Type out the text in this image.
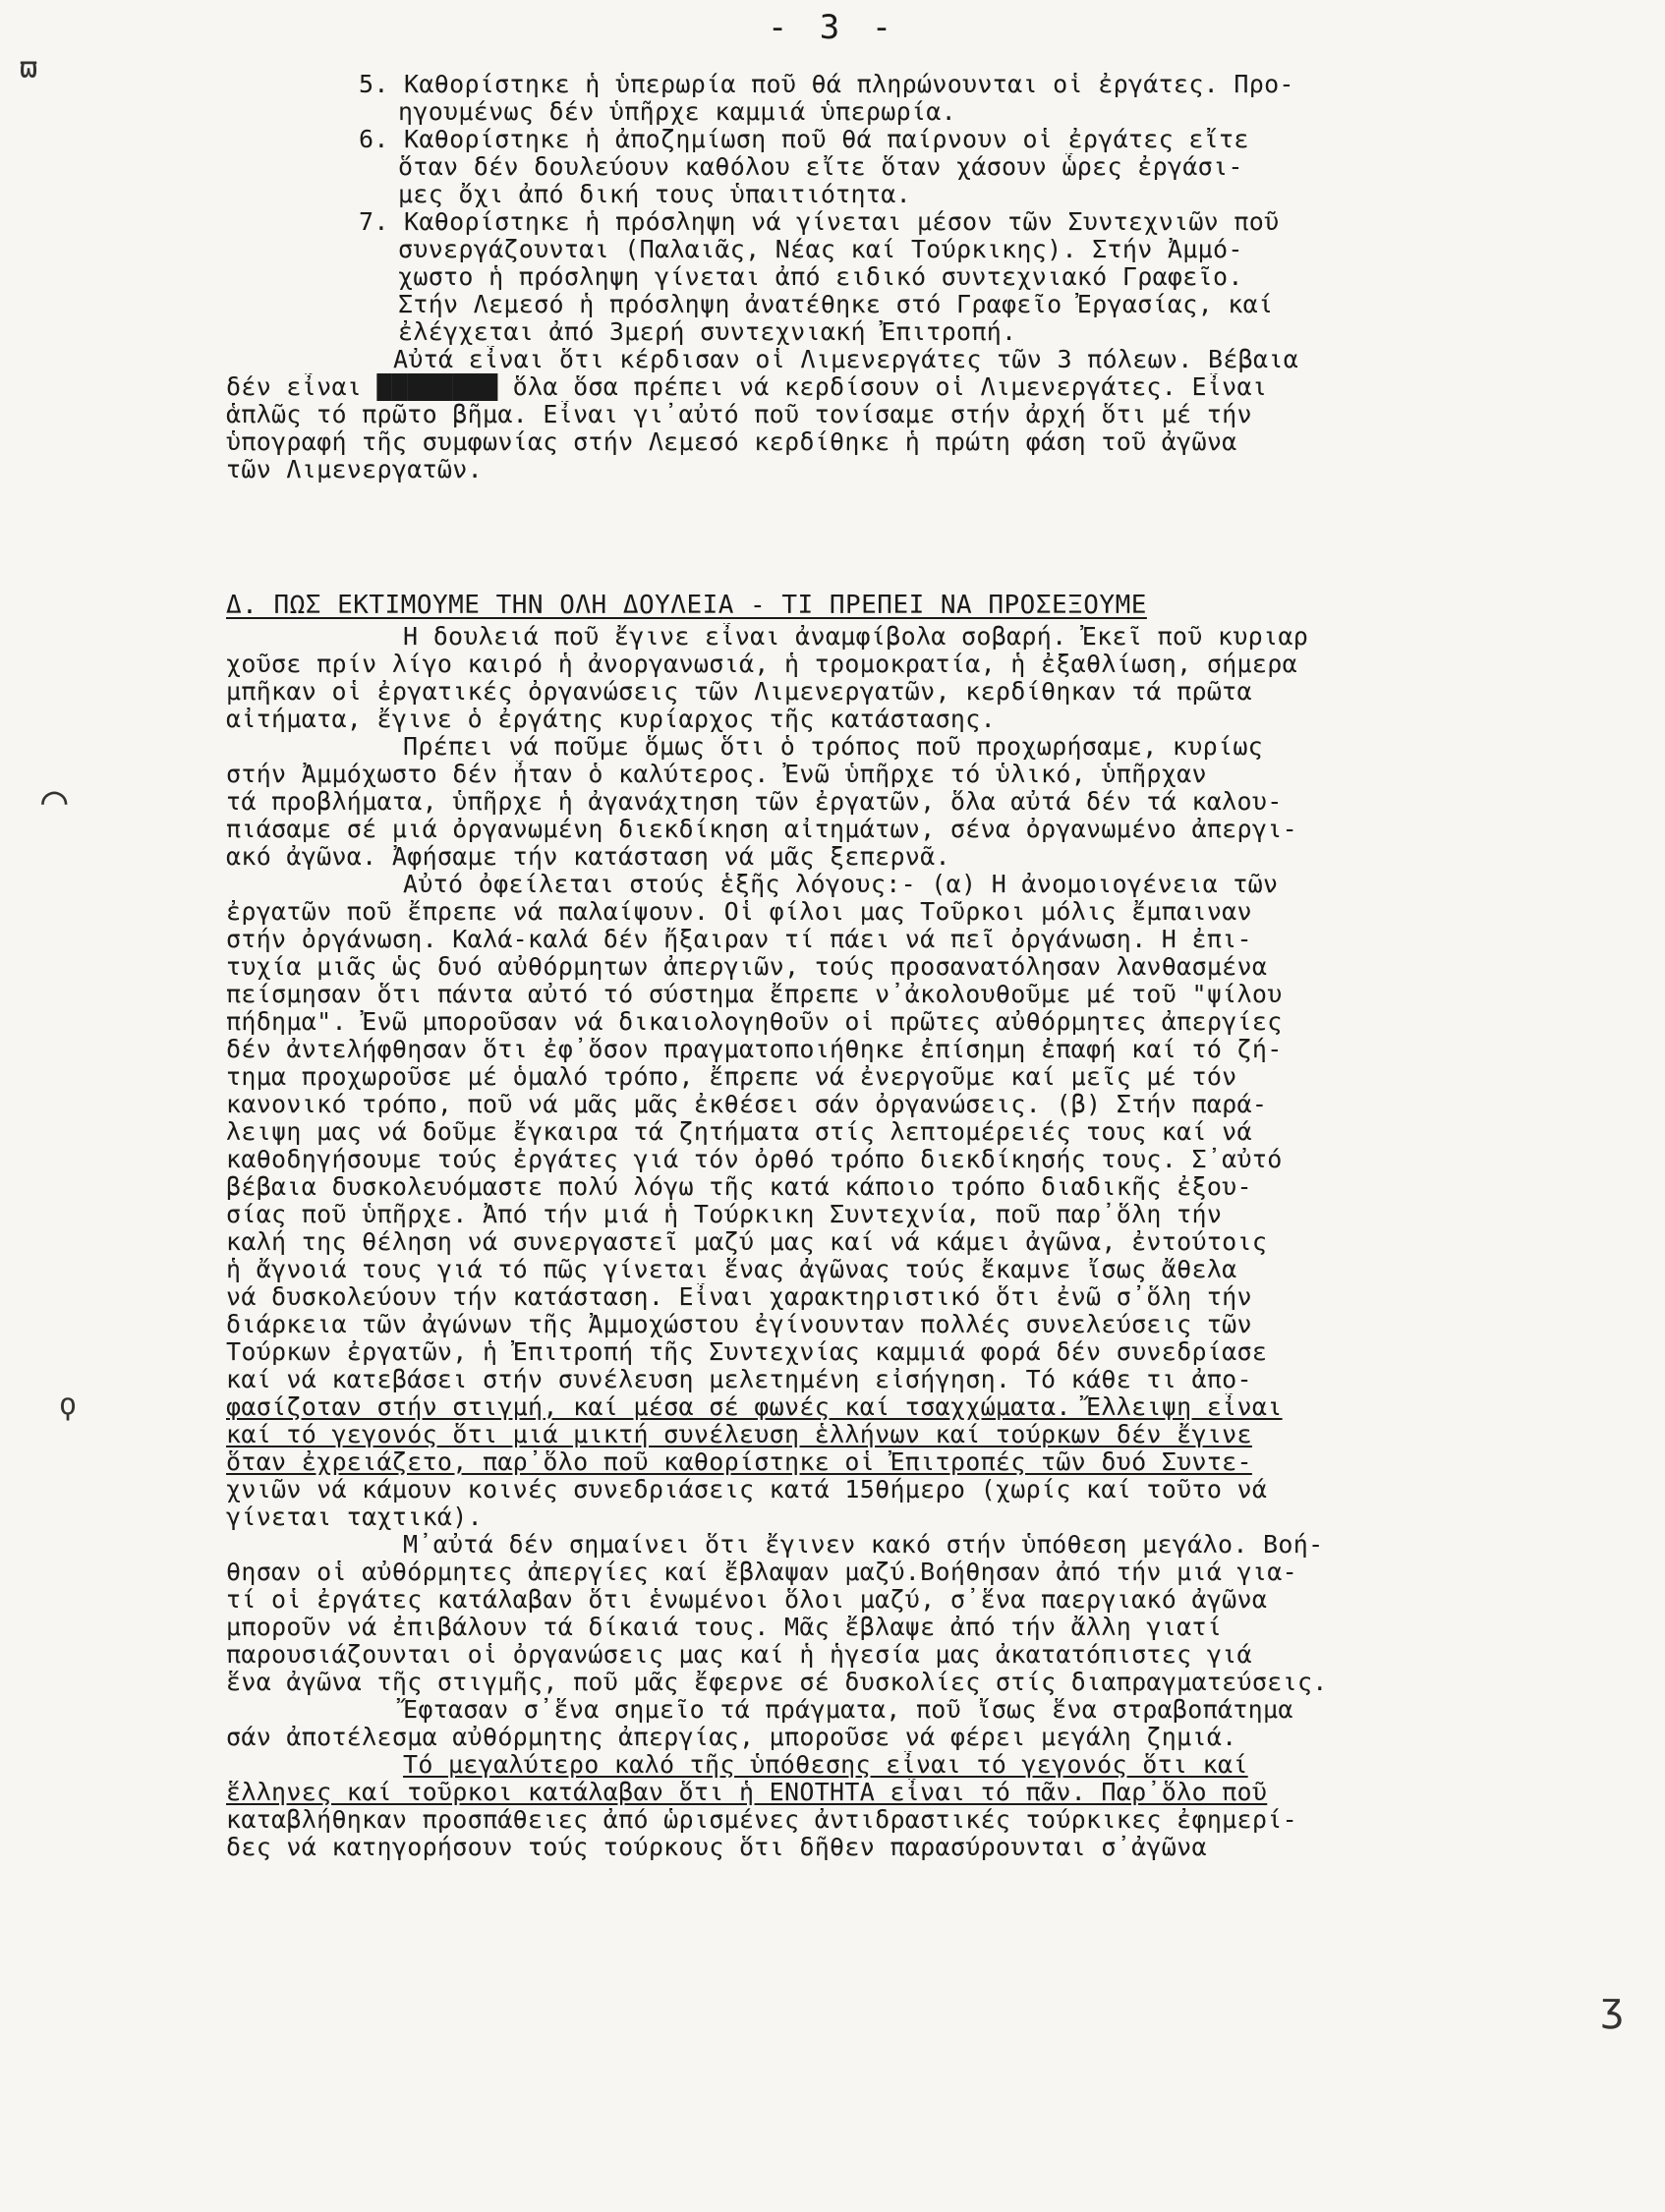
- 3 -
ϖ
⌒
ϙ
ʒ
5. Καθορίστηκε ἡ ὑπερωρία ποῦ θά πληρώνουνται οἱ ἐργάτες. Προ-
ηγουμένως δέν ὑπῆρχε καμμιά ὑπερωρία.
6. Καθορίστηκε ἡ ἀποζημίωση ποῦ θά παίρνουν οἱ ἐργάτες εἴτε
ὅταν δέν δουλεύουν καθόλου εἴτε ὅταν χάσουν ὧρες ἐργάσι-
μες ὄχι ἀπό δική τους ὑπαιτιότητα.
7. Καθορίστηκε ἡ πρόσληψη νά γίνεται μέσον τῶν Συντεχνιῶν ποῦ
συνεργάζουνται (Παλαιᾶς, Νέας καί Τούρκικης). Στήν Ἀμμό-
χωστο ἡ πρόσληψη γίνεται ἀπό ειδικό συντεχνιακό Γραφεῖο.
Στήν Λεμεσό ἡ πρόσληψη ἀνατέθηκε στό Γραφεῖο Ἐργασίας, καί
ἐλέγχεται ἀπό 3μερή συντεχνιακή Ἐπιτροπή.
Αὐτά εἶναι ὅτι κέρδισαν οἱ Λιμενεργάτες τῶν 3 πόλεων. Βέβαια
δέν εἶναι ████████ ὅλα ὅσα πρέπει νά κερδίσουν οἱ Λιμενεργάτες. Εἶναι
ἁπλῶς τό πρῶτο βῆμα. Εἶναι γι᾽αὐτό ποῦ τονίσαμε στήν ἀρχή ὅτι μέ τήν
ὑπογραφή τῆς συμφωνίας στήν Λεμεσό κερδίθηκε ἡ πρώτη φάση τοῦ ἀγῶνα
τῶν Λιμενεργατῶν.
Δ. ΠΩΣ ΕΚΤΙΜΟΥΜΕ ΤΗΝ ΟΛΗ ΔΟΥΛΕΙΑ - ΤΙ ΠΡΕΠΕΙ ΝΑ ΠΡΟΣΕΞΟΥΜΕ
Η δουλειά ποῦ ἔγινε εἶναι ἀναμφίβολα σοβαρή. Ἐκεῖ ποῦ κυριαρ
χοῦσε πρίν λίγο καιρό ἡ ἀνοργανωσιά, ἡ τρομοκρατία, ἡ ἐξαθλίωση, σήμερα
μπῆκαν οἱ ἐργατικές ὀργανώσεις τῶν Λιμενεργατῶν, κερδίθηκαν τά πρῶτα
αἰτήματα, ἔγινε ὁ ἐργάτης κυρίαρχος τῆς κατάστασης.
Πρέπει νά ποῦμε ὅμως ὅτι ὁ τρόπος ποῦ προχωρήσαμε, κυρίως
στήν Ἀμμόχωστο δέν ἦταν ὁ καλύτερος. Ἐνῶ ὑπῆρχε τό ὑλικό, ὑπῆρχαν
τά προβλήματα, ὑπῆρχε ἡ ἀγανάχτηση τῶν ἐργατῶν, ὅλα αὐτά δέν τά καλου-
πιάσαμε σέ μιά ὀργανωμένη διεκδίκηση αἰτημάτων, σένα ὀργανωμένο ἀπεργι-
ακό ἀγῶνα. Ἀφήσαμε τήν κατάσταση νά μᾶς ξεπερνᾶ.
Αὐτό ὀφείλεται στούς ἑξῆς λόγους:- (α) Η ἀνομοιογένεια τῶν
ἐργατῶν ποῦ ἔπρεπε νά παλαίψουν. Οἱ φίλοι μας Τοῦρκοι μόλις ἔμπαιναν
στήν ὀργάνωση. Καλά-καλά δέν ἤξαιραν τί πάει νά πεῖ ὀργάνωση. Η ἐπι-
τυχία μιᾶς ὡς δυό αὐθόρμητων ἀπεργιῶν, τούς προσανατόλησαν λανθασμένα
πείσμησαν ὅτι πάντα αὐτό τό σύστημα ἔπρεπε ν᾽ἀκολουθοῦμε μέ τοῦ "ψίλου
πήδημα". Ἐνῶ μποροῦσαν νά δικαιολογηθοῦν οἱ πρῶτες αὐθόρμητες ἀπεργίες
δέν ἀντελήφθησαν ὅτι ἐφ᾽ὅσον πραγματοποιήθηκε ἐπίσημη ἐπαφή καί τό ζή-
τημα προχωροῦσε μέ ὁμαλό τρόπο, ἔπρεπε νά ἐνεργοῦμε καί μεῖς μέ τόν
κανονικό τρόπο, ποῦ νά μᾶς μᾶς ἐκθέσει σάν ὀργανώσεις. (β) Στήν παρά-
λειψη μας νά δοῦμε ἔγκαιρα τά ζητήματα στίς λεπτομέρειές τους καί νά
καθοδηγήσουμε τούς ἐργάτες γιά τόν ὀρθό τρόπο διεκδίκησής τους. Σ᾽αὐτό
βέβαια δυσκολευόμαστε πολύ λόγω τῆς κατά κάποιο τρόπο διαδικῆς ἐξου-
σίας ποῦ ὑπῆρχε. Ἀπό τήν μιά ἡ Τούρκικη Συντεχνία, ποῦ παρ᾽ὅλη τήν
καλή της θέληση νά συνεργαστεῖ μαζύ μας καί νά κάμει ἀγῶνα, ἐντούτοις
ἡ ἄγνοιά τους γιά τό πῶς γίνεται ἕνας ἀγῶνας τούς ἔκαμνε ἴσως ἄθελα
νά δυσκολεύουν τήν κατάσταση. Εἶναι χαρακτηριστικό ὅτι ἐνῶ σ᾽ὅλη τήν
διάρκεια τῶν ἀγώνων τῆς Ἀμμοχώστου ἐγίνουνταν πολλές συνελεύσεις τῶν
Τούρκων ἐργατῶν, ἡ Ἐπιτροπή τῆς Συντεχνίας καμμιά φορά δέν συνεδρίασε
καί νά κατεβάσει στήν συνέλευση μελετημένη εἰσήγηση. Τό κάθε τι ἀπο-
φασίζοταν στήν στιγμή, καί μέσα σέ φωνές καί τσαχχώματα. Ἔλλειψη εἶναι
καί τό γεγονός ὅτι μιά μικτή συνέλευση ἑλλήνων καί τούρκων δέν ἔγινε
ὅταν ἐχρειάζετο, παρ᾽ὅλο ποῦ καθορίστηκε οἱ Ἐπιτροπές τῶν δυό Συντε-
χνιῶν νά κάμουν κοινές συνεδριάσεις κατά 15θήμερο (χωρίς καί τοῦτο νά
γίνεται ταχτικά).
Μ᾽αὐτά δέν σημαίνει ὅτι ἔγινεν κακό στήν ὑπόθεση μεγάλο. Βοή-
θησαν οἱ αὐθόρμητες ἀπεργίες καί ἔβλαψαν μαζύ.Βοήθησαν ἀπό τήν μιά για-
τί οἱ ἐργάτες κατάλαβαν ὅτι ἑνωμένοι ὅλοι μαζύ, σ᾽ἕνα παεργιακό ἀγῶνα
μποροῦν νά ἐπιβάλουν τά δίκαιά τους. Μᾶς ἔβλαψε ἀπό τήν ἄλλη γιατί
παρουσιάζουνται οἱ ὀργανώσεις μας καί ἡ ἡγεσία μας ἀκατατόπιστες γιά
ἕνα ἀγῶνα τῆς στιγμῆς, ποῦ μᾶς ἔφερνε σέ δυσκολίες στίς διαπραγματεύσεις.
Ἔφτασαν σ᾽ἕνα σημεῖο τά πράγματα, ποῦ ἴσως ἕνα στραβοπάτημα
σάν ἀποτέλεσμα αὐθόρμητης ἀπεργίας, μποροῦσε νά φέρει μεγάλη ζημιά.
Τό μεγαλύτερο καλό τῆς ὑπόθεσης εἶναι τό γεγονός ὅτι καί
ἕλληνες καί τοῦρκοι κατάλαβαν ὅτι ἡ ΕΝΟΤΗΤΑ εἶναι τό πᾶν. Παρ᾽ὅλο ποῦ
καταβλήθηκαν προσπάθειες ἀπό ὡρισμένες ἀντιδραστικές τούρκικες ἐφημερί-
δες νά κατηγορήσουν τούς τούρκους ὅτι δῆθεν παρασύρουνται σ᾽ἀγῶνα
